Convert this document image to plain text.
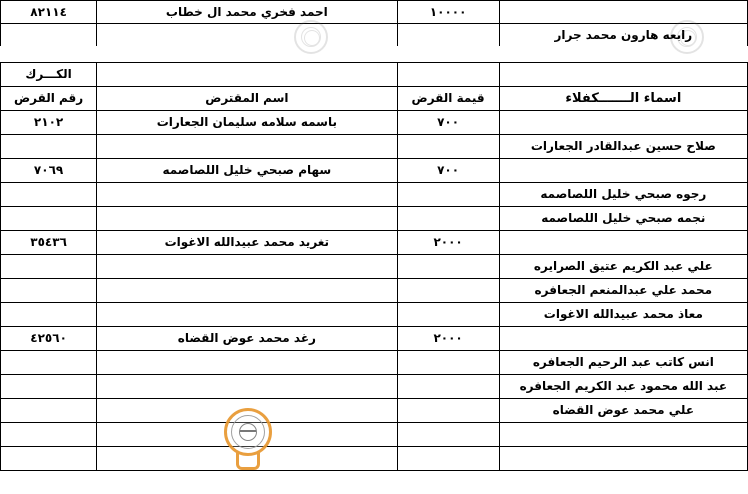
	١٠٠٠٠	احمد فخري محمد ال خطاب	٨٢١١٤
رابعه هارون محمد جرار			
			الكـــرك
اسماء الـــــــكفلاء	قيمة القرض	اسم المقترض	رقم القرض
	٧٠٠	باسمه سلامه سليمان الجعارات	٢١٠٢
صلاح حسين عبدالقادر الجعارات			
	٧٠٠	سهام صبحي خليل اللصاصمه	٧٠٦٩
رجوه صبحي خليل اللصاصمه			
نجمه صبحي خليل اللصاصمه			
	٢٠٠٠	تغريد محمد عبيدالله الاغوات	٣٥٤٣٦
علي عبد الكريم عتيق الصرايره			
محمد علي عبدالمنعم الجعافره			
معاذ محمد عبيدالله الاغوات			
	٢٠٠٠	رغد محمد عوض القضاه	٤٢٥٦٠
انس كاتب عبد الرحيم الجعافره			
عبد الله محمود عبد الكريم الجعافره			
علي محمد عوض القضاه			
